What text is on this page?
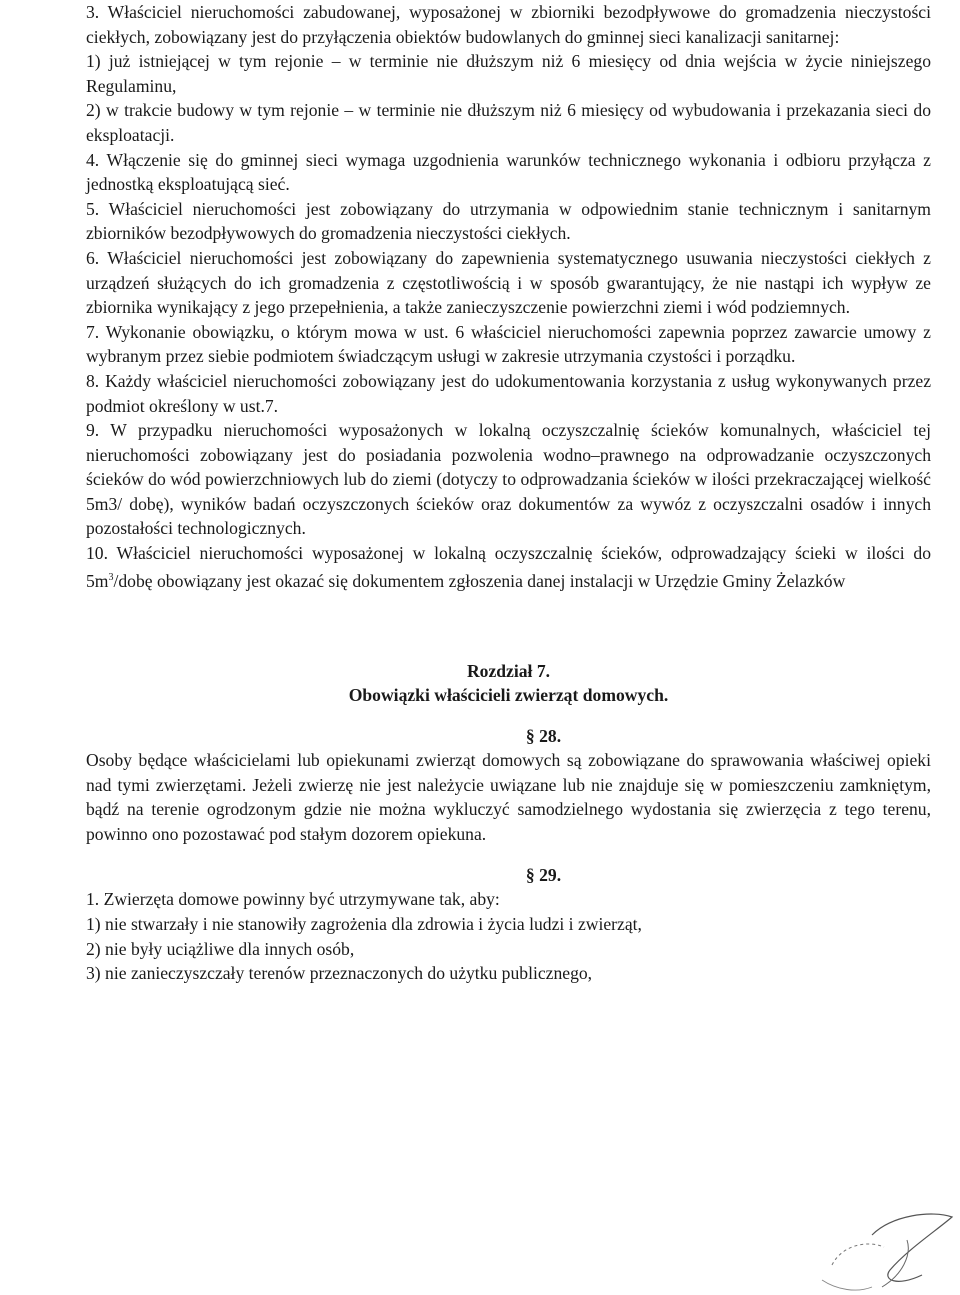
3. Właściciel nieruchomości zabudowanej, wyposażonej w zbiorniki bezodpływowe do gromadzenia nieczystości ciekłych, zobowiązany jest do przyłączenia obiektów budowlanych do gminnej sieci kanalizacji sanitarnej:

1) już istniejącej w tym rejonie – w terminie nie dłuższym niż 6 miesięcy od dnia wejścia w życie niniejszego Regulaminu,

2) w trakcie budowy w tym rejonie – w terminie nie dłuższym niż 6 miesięcy od wybudowania i przekazania sieci do eksploatacji.

4. Włączenie się do gminnej sieci wymaga uzgodnienia warunków technicznego wykonania i odbioru przyłącza z jednostką eksploatującą sieć.

5. Właściciel nieruchomości jest zobowiązany do utrzymania w odpowiednim stanie technicznym i sanitarnym zbiorników bezodpływowych do gromadzenia nieczystości ciekłych.

6. Właściciel nieruchomości jest zobowiązany do zapewnienia systematycznego usuwania nieczystości ciekłych z urządzeń służących do ich gromadzenia z częstotliwością i w sposób gwarantujący, że nie nastąpi ich wypływ ze zbiornika wynikający z jego przepełnienia, a także zanieczyszczenie powierzchni ziemi i wód podziemnych.

7. Wykonanie obowiązku, o którym mowa w ust. 6 właściciel nieruchomości zapewnia poprzez zawarcie umowy z wybranym przez siebie podmiotem świadczącym usługi w zakresie utrzymania czystości i porządku.

8. Każdy właściciel nieruchomości zobowiązany jest do udokumentowania korzystania z usług wykonywanych przez podmiot określony w ust.7.

9. W przypadku nieruchomości wyposażonych w lokalną oczyszczalnię ścieków komunalnych, właściciel tej nieruchomości zobowiązany jest do posiadania pozwolenia wodno–prawnego na odprowadzanie oczyszczonych ścieków do wód powierzchniowych lub do ziemi (dotyczy to odprowadzania ścieków w ilości przekraczającej wielkość 5m3/ dobę), wyników badań oczyszczonych ścieków oraz dokumentów za wywóz z oczyszczalni osadów i innych pozostałości technologicznych.

10. Właściciel nieruchomości wyposażonej w lokalną oczyszczalnię ścieków, odprowadzający ścieki w ilości do $5m^3$/dobę obowiązany jest okazać się dokumentem zgłoszenia danej instalacji w Urzędzie Gminy Żelazków

Rozdział 7.

Obowiązki właścicieli zwierząt domowych.

§ 28.

Osoby będące właścicielami lub opiekunami zwierząt domowych są zobowiązane do sprawowania właściwej opieki nad tymi zwierzętami. Jeżeli zwierzę nie jest należycie uwiązane lub nie znajduje się w pomieszczeniu zamkniętym, bądź na terenie ogrodzonym gdzie nie można wykluczyć samodzielnego wydostania się zwierzęcia z tego terenu, powinno ono pozostawać pod stałym dozorem opiekuna.

§ 29.

1. Zwierzęta domowe powinny być utrzymywane tak, aby:

1) nie stwarzały i nie stanowiły zagrożenia dla zdrowia i życia ludzi i zwierząt,

2) nie były uciążliwe dla innych osób,

3) nie zanieczyszczały terenów przeznaczonych do użytku publicznego,
